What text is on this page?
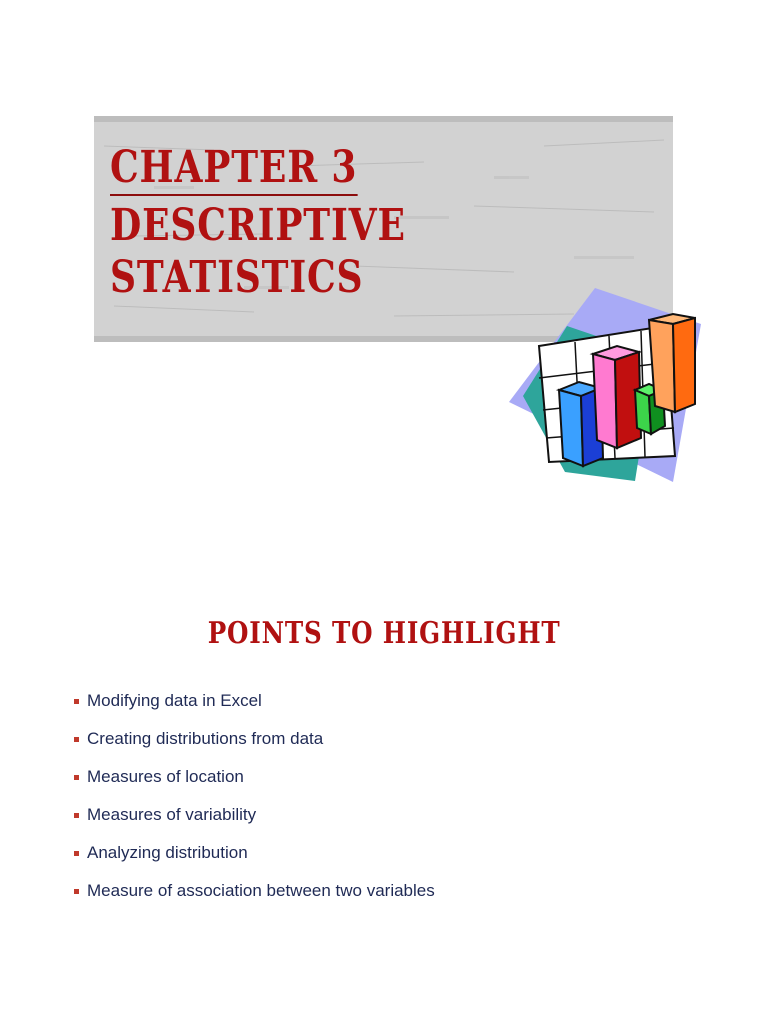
CHAPTER 3
DESCRIPTIVE
STATISTICS
POINTS TO HIGHLIGHT
Modifying data in Excel
Creating distributions from data
Measures of location
Measures of variability
Analyzing distribution
Measure of association between two variables
